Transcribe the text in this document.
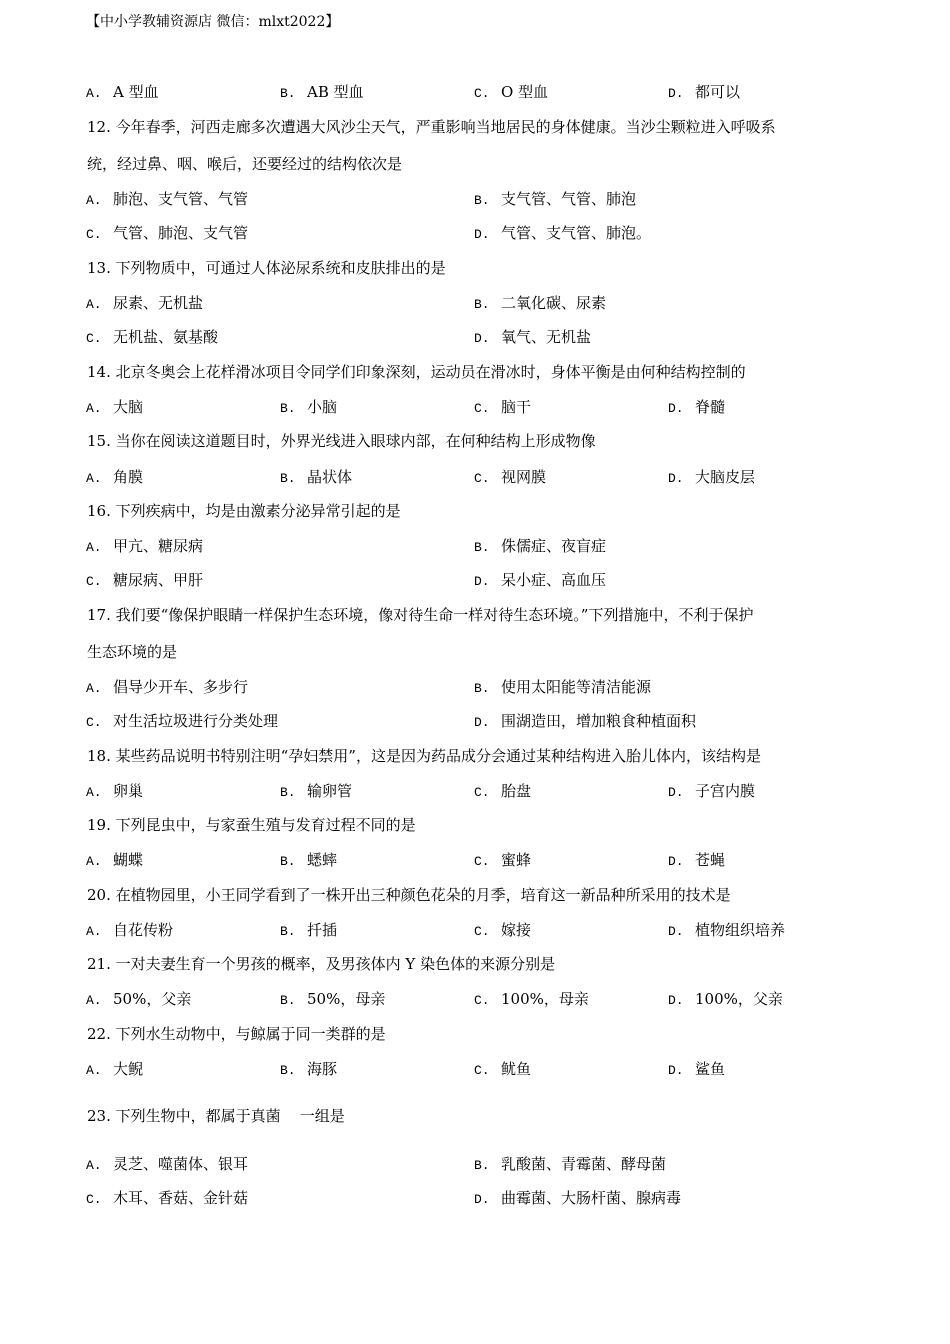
【中小学教辅资源店 微信：mlxt2022】
A. A 型血	B. AB 型血	C. O 型血	D. 都可以
12. 今年春季，河西走廊多次遭遇大风沙尘天气，严重影响当地居民的身体健康。当沙尘颗粒进入呼吸系
统，经过鼻、咽、喉后，还要经过的结构依次是
A. 肺泡、支气管、气管	B. 支气管、气管、肺泡
C. 气管、肺泡、支气管	D. 气管、支气管、肺泡。
13. 下列物质中，可通过人体泌尿系统和皮肤排出的是
A. 尿素、无机盐	B. 二氧化碳、尿素
C. 无机盐、氨基酸	D. 氧气、无机盐
14. 北京冬奥会上花样滑冰项目令同学们印象深刻，运动员在滑冰时，身体平衡是由何种结构控制的
A. 大脑	B. 小脑	C. 脑干	D. 脊髓
15. 当你在阅读这道题目时，外界光线进入眼球内部，在何种结构上形成物像
A. 角膜	B. 晶状体	C. 视网膜	D. 大脑皮层
16. 下列疾病中，均是由激素分泌异常引起的是
A. 甲亢、糖尿病	B. 侏儒症、夜盲症
C. 糖尿病、甲肝	D. 呆小症、高血压
17. 我们要“像保护眼睛一样保护生态环境，像对待生命一样对待生态环境。”下列措施中，不利于保护
生态环境的是
A. 倡导少开车、多步行	B. 使用太阳能等清洁能源
C. 对生活垃圾进行分类处理	D. 围湖造田，增加粮食种植面积
18. 某些药品说明书特别注明“孕妇禁用”，这是因为药品成分会通过某种结构进入胎儿体内，该结构是
A. 卵巢	B. 输卵管	C. 胎盘	D. 子宫内膜
19. 下列昆虫中，与家蚕生殖与发育过程不同的是
A. 蝴蝶	B. 蟋蟀	C. 蜜蜂	D. 苍蝇
20. 在植物园里，小王同学看到了一株开出三种颜色花朵的月季，培育这一新品种所采用的技术是
A. 自花传粉	B. 扦插	C. 嫁接	D. 植物组织培养
21. 一对夫妻生育一个男孩的概率，及男孩体内 Y 染色体的来源分别是
A. 50%，父亲	B. 50%，母亲	C. 100%，母亲	D. 100%，父亲
22. 下列水生动物中，与鲸属于同一类群的是
A. 大鲵	B. 海豚	C. 鱿鱼	D. 鲨鱼
23. 下列生物中，都属于真菌    一组是
A. 灵芝、噬菌体、银耳	B. 乳酸菌、青霉菌、酵母菌
C. 木耳、香菇、金针菇	D. 曲霉菌、大肠杆菌、腺病毒
